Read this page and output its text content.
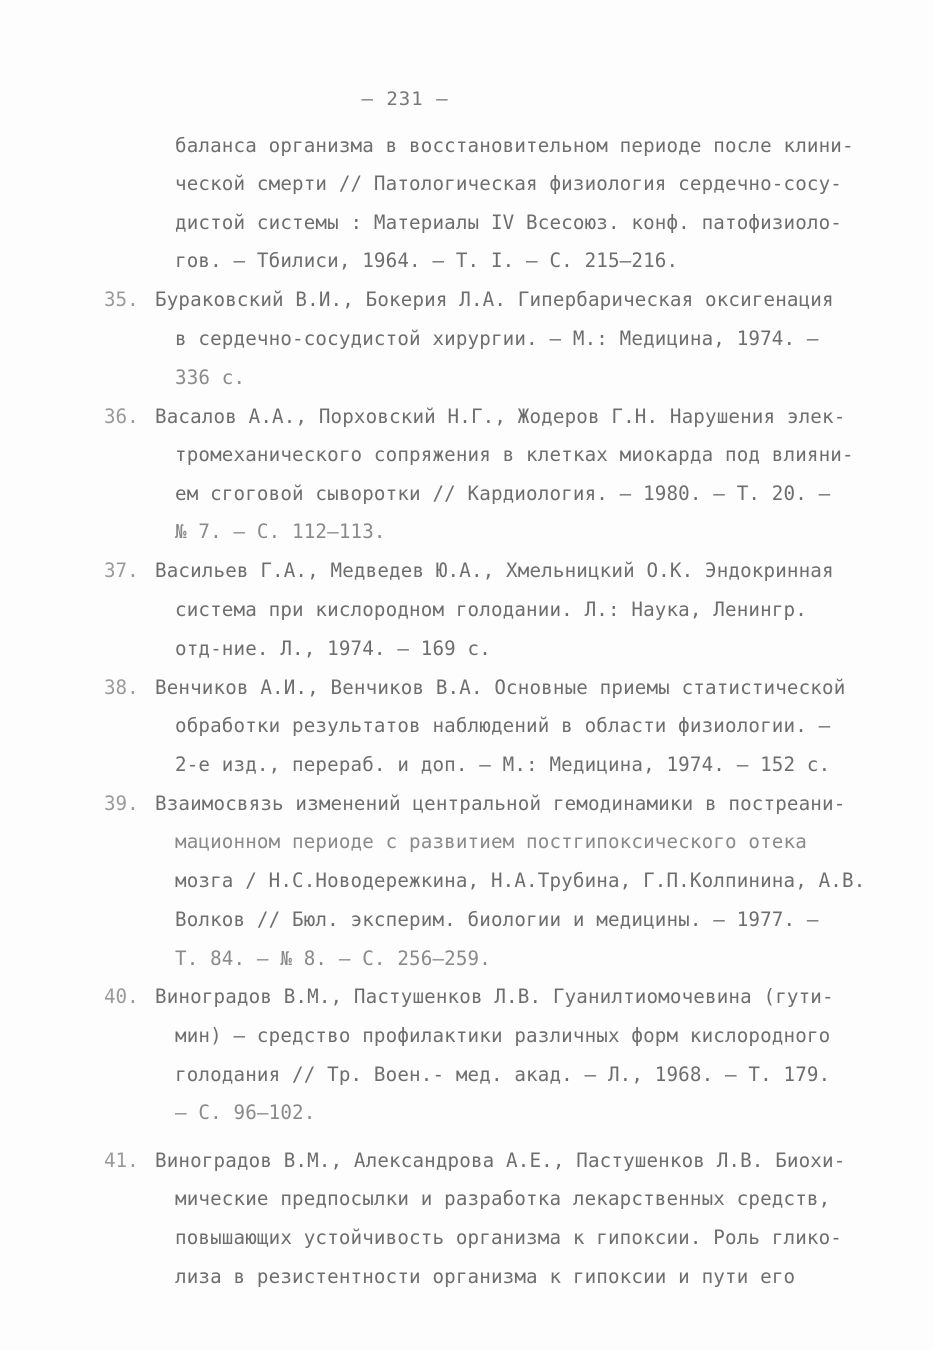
– 231 –
баланса организма в восстановительном периоде после клини-
ческой смерти // Патологическая физиология сердечно-сосу-
дистой системы : Материалы IV Всесоюз. конф. патофизиоло-
гов. – Тбилиси, 1964. – Т. I. – С. 215–216.
35. Бураковский В.И., Бокерия Л.А. Гипербарическая оксигенация
в сердечно-сосудистой хирургии. – М.: Медицина, 1974. –
336 с.
36. Васалов А.А., Порховский Н.Г., Жодеров Г.Н. Нарушения элек-
тромеханического сопряжения в клетках миокарда под влияни-
ем сгоговой сыворотки // Кардиология. – 1980. – Т. 20. –
№ 7. – С. 112–113.
37. Васильев Г.А., Медведев Ю.А., Хмельницкий О.К. Эндокринная
система при кислородном голодании. Л.: Наука, Ленингр.
отд-ние. Л., 1974. – 169 с.
38. Венчиков А.И., Венчиков В.А. Основные приемы статистической
обработки результатов наблюдений в области физиологии. –
2-е изд., перераб. и доп. – М.: Медицина, 1974. – 152 с.
39. Взаимосвязь изменений центральной гемодинамики в постреани-
мационном периоде с развитием постгипоксического отека
мозга / Н.С.Новодережкина, Н.А.Трубина, Г.П.Колпинина, А.В.
Волков // Бюл. эксперим. биологии и медицины. – 1977. –
Т. 84. – № 8. – С. 256–259.
40. Виноградов В.М., Пастушенков Л.В. Гуанилтиомочевина (гути-
мин) – средство профилактики различных форм кислородного
голодания // Тр. Воен.- мед. акад. – Л., 1968. – Т. 179.
– С. 96–102.
41. Виноградов В.М., Александрова А.Е., Пастушенков Л.В. Биохи-
мические предпосылки и разработка лекарственных средств,
повышающих устойчивость организма к гипоксии. Роль глико-
лиза в резистентности организма к гипоксии и пути его
